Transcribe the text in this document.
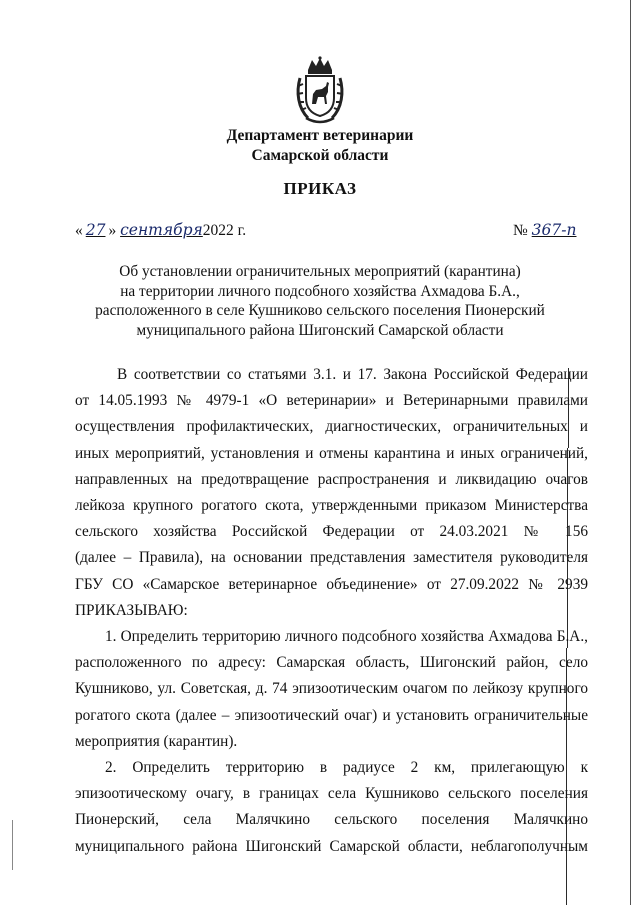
Департамент ветеринарии
Самарской области
ПРИКАЗ
« 27 » сентября2022 г.	№ 367-п
Об установлении ограничительных мероприятий (карантина)
на территории личного подсобного хозяйства Ахмадова Б.А.,
расположенного в селе Кушниково сельского поселения Пионерский
муниципального района Шигонский Самарской области

В соответствии со статьями 3.1. и 17. Закона Российской Федерации

от 14.05.1993 № 4979-1 «О ветеринарии» и Ветеринарными правилами

осуществления профилактических, диагностических, ограничительных и

иных мероприятий, установления и отмены карантина и иных ограничений,

направленных на предотвращение распространения и ликвидацию очагов

лейкоза крупного рогатого скота, утвержденными приказом Министерства

сельского хозяйства Российской Федерации от 24.03.2021 № 156

(далее – Правила), на основании представления заместителя руководителя

ГБУ СО «Самарское ветеринарное объединение» от 27.09.2022 № 2939

ПРИКАЗЫВАЮ:

1. Определить территорию личного подсобного хозяйства Ахмадова Б.А.,

расположенного по адресу: Самарская область, Шигонский район, село

Кушниково, ул. Советская, д. 74 эпизоотическим очагом по лейкозу крупного

рогатого скота (далее – эпизоотический очаг) и установить ограничительные

мероприятия (карантин).

2. Определить территорию в радиусе 2 км, прилегающую к

эпизоотическому очагу, в границах села Кушниково сельского поселения

Пионерский, села Малячкино сельского поселения Малячкино

муниципального района Шигонский Самарской области, неблагополучным
